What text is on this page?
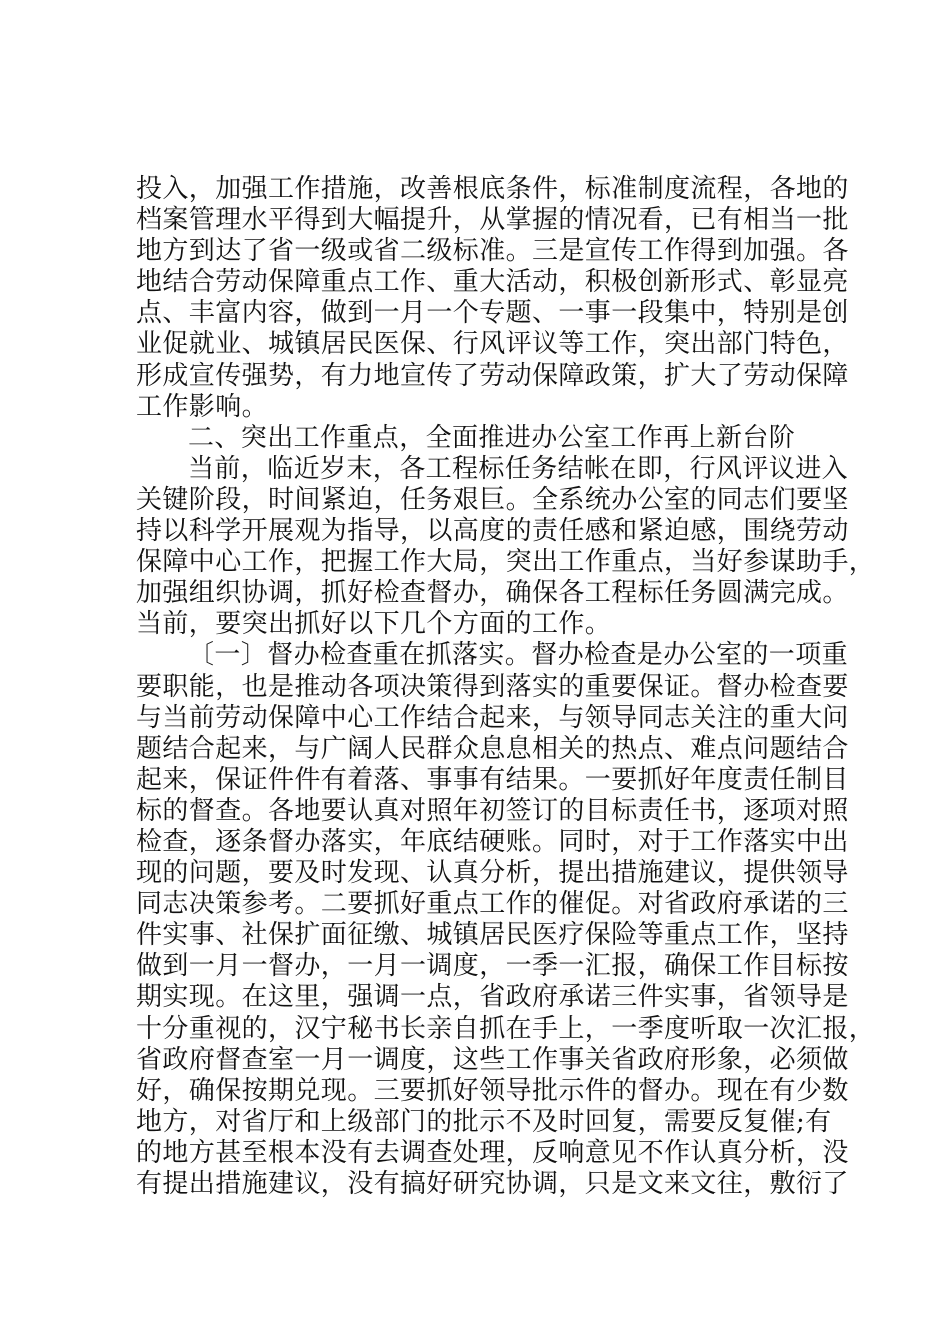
投入，加强工作措施，改善根底条件，标准制度流程，各地的
档案管理水平得到大幅提升，从掌握的情况看，已有相当一批
地方到达了省一级或省二级标准。三是宣传工作得到加强。各
地结合劳动保障重点工作、重大活动，积极创新形式、彰显亮
点、丰富内容，做到一月一个专题、一事一段集中，特别是创
业促就业、城镇居民医保、行风评议等工作，突出部门特色，
形成宣传强势，有力地宣传了劳动保障政策，扩大了劳动保障
工作影响。
二、突出工作重点，全面推进办公室工作再上新台阶
当前，临近岁末，各工程标任务结帐在即，行风评议进入
关键阶段，时间紧迫，任务艰巨。全系统办公室的同志们要坚
持以科学开展观为指导，以高度的责任感和紧迫感，围绕劳动
保障中心工作，把握工作大局，突出工作重点，当好参谋助手，
加强组织协调，抓好检查督办，确保各工程标任务圆满完成。
当前，要突出抓好以下几个方面的工作。
〔一〕督办检查重在抓落实。督办检查是办公室的一项重
要职能，也是推动各项决策得到落实的重要保证。督办检查要
与当前劳动保障中心工作结合起来，与领导同志关注的重大问
题结合起来，与广阔人民群众息息相关的热点、难点问题结合
起来，保证件件有着落、事事有结果。一要抓好年度责任制目
标的督查。各地要认真对照年初签订的目标责任书，逐项对照
检查，逐条督办落实，年底结硬账。同时，对于工作落实中出
现的问题，要及时发现、认真分析，提出措施建议，提供领导
同志决策参考。二要抓好重点工作的催促。对省政府承诺的三
件实事、社保扩面征缴、城镇居民医疗保险等重点工作，坚持
做到一月一督办，一月一调度，一季一汇报，确保工作目标按
期实现。在这里，强调一点，省政府承诺三件实事，省领导是
十分重视的，汉宁秘书长亲自抓在手上，一季度听取一次汇报，
省政府督查室一月一调度，这些工作事关省政府形象，必须做
好，确保按期兑现。三要抓好领导批示件的督办。现在有少数
地方，对省厅和上级部门的批示不及时回复，需要反复催;有
的地方甚至根本没有去调查处理，反响意见不作认真分析，没
有提出措施建议，没有搞好研究协调，只是文来文往，敷衍了
